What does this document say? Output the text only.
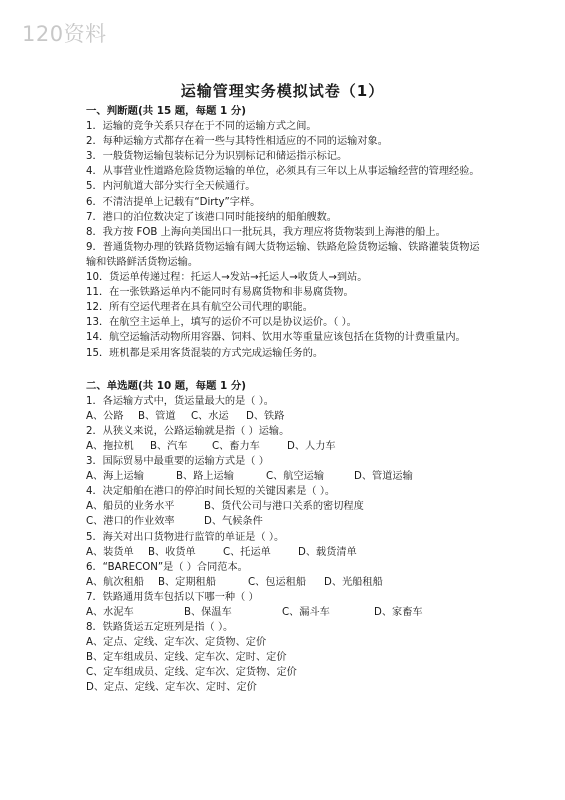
120资料
运输管理实务模拟试卷（1）
一、判断题(共 15 题，每题 1 分)
1．运输的竞争关系只存在于不同的运输方式之间。
2．每种运输方式都存在着一些与其特性相适应的不同的运输对象。
3．一般货物运输包装标记分为识别标记和储运指示标记。
4．从事营业性道路危险货物运输的单位，必须具有三年以上从事运输经营的管理经验。
5．内河航道大部分实行全天候通行。
6．不清洁提单上记载有“Dirty”字样。
7．港口的泊位数决定了该港口同时能接纳的船舶艘数。
8．我方按 FOB 上海向美国出口一批玩具，我方理应将货物装到上海港的船上。
9．普通货物办理的铁路货物运输有阔大货物运输、铁路危险货物运输、铁路灌装货物运输和铁路鲜活货物运输。
10．货运单传递过程：托运人→发站→托运人→收货人→到站。
11．在一张铁路运单内不能同时有易腐货物和非易腐货物。
12．所有空运代理者在具有航空公司代理的职能。
13．在航空主运单上，填写的运价不可以是协议运价。（ ）。
14．航空运输活动物所用容器、饲料、饮用水等重量应该包括在货物的计费重量内。
15．班机都是采用客货混装的方式完成运输任务的。
二、单选题(共 10 题，每题 1 分)
1．各运输方式中，货运量最大的是（ ）。
A、公路 B、管道 C、水运 D、铁路
2．从狭义来说，公路运输就是指（ ）运输。
A、拖拉机 B、汽车 C、畜力车	D、人力车
3．国际贸易中最重要的运输方式是（ ）
A、海上运输	B、路上运输	C、航空运输	D、管道运输
4．决定船舶在港口的停泊时间长短的关键因素是（ ）。
A、船员的业务水平	B、货代公司与港口关系的密切程度
C、港口的作业效率	D、气候条件
5．海关对出口货物进行监管的单证是（ ）。
A、装货单 B、收货单	C、托运单	D、载货清单
6．“BARECON”是（ ）合同范本。
A、航次租船 B、定期租船	C、包运租船 D、光船租船
7．铁路通用货车包括以下哪一种（ ）
A、水泥车	B、保温车	C、漏斗车	D、家畜车
8．铁路货运五定班列是指（ ）。
A、定点、定线、定车次、定货物、定价
B、定车组成员、定线、定车次、定时、定价
C、定车组成员、定线、定车次、定货物、定价
D、定点、定线、定车次、定时、定价
